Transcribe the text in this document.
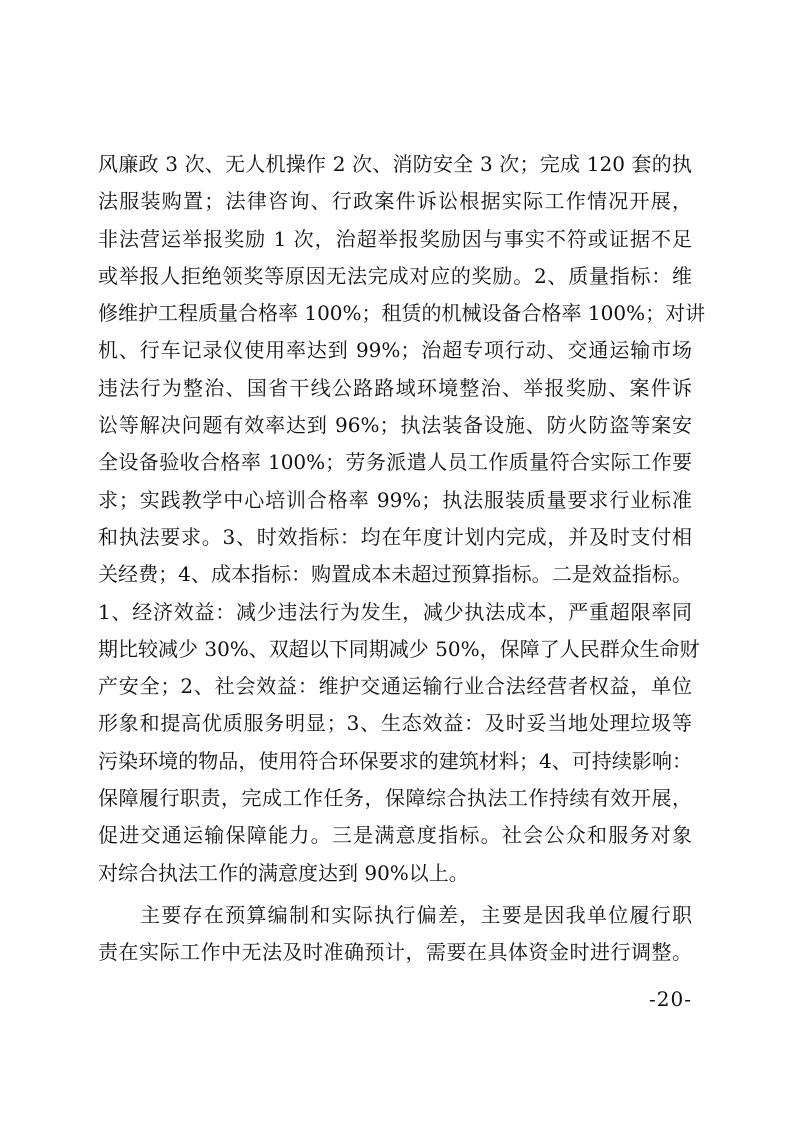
风廉政 3 次、无人机操作 2 次、消防安全 3 次；完成 120 套的执
法服装购置；法律咨询、行政案件诉讼根据实际工作情况开展，
非法营运举报奖励 1 次，治超举报奖励因与事实不符或证据不足
或举报人拒绝领奖等原因无法完成对应的奖励。2、质量指标：维
修维护工程质量合格率 100%；租赁的机械设备合格率 100%；对讲
机、行车记录仪使用率达到 99%；治超专项行动、交通运输市场
违法行为整治、国省干线公路路域环境整治、举报奖励、案件诉
讼等解决问题有效率达到 96%；执法装备设施、防火防盗等案安
全设备验收合格率 100%；劳务派遣人员工作质量符合实际工作要
求；实践教学中心培训合格率 99%；执法服装质量要求行业标准
和执法要求。3、时效指标：均在年度计划内完成，并及时支付相
关经费；4、成本指标：购置成本未超过预算指标。二是效益指标。
1、经济效益：减少违法行为发生，减少执法成本，严重超限率同
期比较减少 30%、双超以下同期减少 50%，保障了人民群众生命财
产安全；2、社会效益：维护交通运输行业合法经营者权益，单位
形象和提高优质服务明显；3、生态效益：及时妥当地处理垃圾等
污染环境的物品，使用符合环保要求的建筑材料；4、可持续影响：
保障履行职责，完成工作任务，保障综合执法工作持续有效开展，
促进交通运输保障能力。三是满意度指标。社会公众和服务对象
对综合执法工作的满意度达到 90%以上。
主要存在预算编制和实际执行偏差，主要是因我单位履行职
责在实际工作中无法及时准确预计，需要在具体资金时进行调整。
-20-
